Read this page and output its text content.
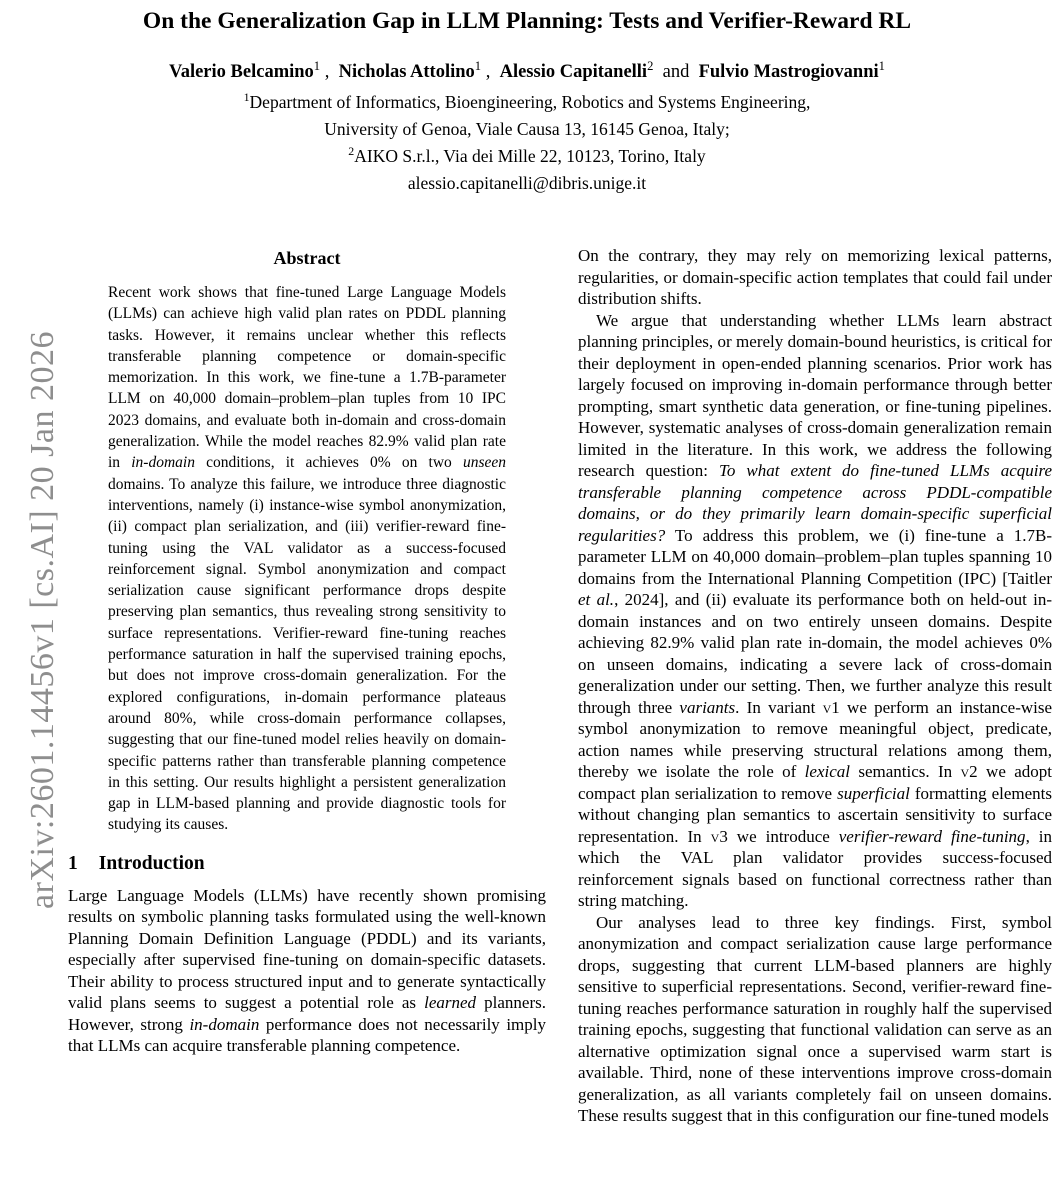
arXiv:2601.14456v1 [cs.AI] 20 Jan 2026
On the Generalization Gap in LLM Planning: Tests and Verifier-Reward RL
Valerio Belcamino$^1$ ,  Nicholas Attolino$^1$ ,  Alessio Capitanelli$^2$  and  Fulvio Mastrogiovanni$^1$
$^1$Department of Informatics, Bioengineering, Robotics and Systems Engineering,
University of Genoa, Viale Causa 13, 16145 Genoa, Italy;
$^2$AIKO S.r.l., Via dei Mille 22, 10123, Torino, Italy
alessio.capitanelli@dibris.unige.it
Abstract
Recent work shows that fine-tuned Large Language Models (LLMs) can achieve high valid plan rates on PDDL planning tasks. However, it remains unclear whether this reflects transferable planning competence or domain-specific memorization. In this work, we fine-tune a 1.7B-parameter LLM on 40,000 domain–problem–plan tuples from 10 IPC 2023 domains, and evaluate both in-domain and cross-domain generalization. While the model reaches 82.9% valid plan rate in in-domain conditions, it achieves 0% on two unseen domains. To analyze this failure, we introduce three diagnostic interventions, namely (i) instance-wise symbol anonymization, (ii) compact plan serialization, and (iii) verifier-reward fine-tuning using the VAL validator as a success-focused reinforcement signal. Symbol anonymization and compact serialization cause significant performance drops despite preserving plan semantics, thus revealing strong sensitivity to surface representations. Verifier-reward fine-tuning reaches performance saturation in half the supervised training epochs, but does not improve cross-domain generalization. For the explored configurations, in-domain performance plateaus around 80%, while cross-domain performance collapses, suggesting that our fine-tuned model relies heavily on domain-specific patterns rather than transferable planning competence in this setting. Our results highlight a persistent generalization gap in LLM-based planning and provide diagnostic tools for studying its causes.
1 Introduction

Large Language Models (LLMs) have recently shown promising results on symbolic planning tasks formulated using the well-known Planning Domain Definition Language (PDDL) and its variants, especially after supervised fine-tuning on domain-specific datasets. Their ability to process structured input and to generate syntactically valid plans seems to suggest a potential role as learned planners. However, strong in-domain performance does not necessarily imply that LLMs can acquire transferable planning competence.

On the contrary, they may rely on memorizing lexical patterns, regularities, or domain-specific action templates that could fail under distribution shifts.

We argue that understanding whether LLMs learn abstract planning principles, or merely domain-bound heuristics, is critical for their deployment in open-ended planning scenarios. Prior work has largely focused on improving in-domain performance through better prompting, smart synthetic data generation, or fine-tuning pipelines. However, systematic analyses of cross-domain generalization remain limited in the literature. In this work, we address the following research question: To what extent do fine-tuned LLMs acquire transferable planning competence across PDDL-compatible domains, or do they primarily learn domain-specific superficial regularities? To address this problem, we (i) fine-tune a 1.7B-parameter LLM on 40,000 domain–problem–plan tuples spanning 10 domains from the International Planning Competition (IPC) [Taitler et al., 2024], and (ii) evaluate its performance both on held-out in-domain instances and on two entirely unseen domains. Despite achieving 82.9% valid plan rate in-domain, the model achieves 0% on unseen domains, indicating a severe lack of cross-domain generalization under our setting. Then, we further analyze this result through three variants. In variant v1 we perform an instance-wise symbol anonymization to remove meaningful object, predicate, action names while preserving structural relations among them, thereby we isolate the role of lexical semantics. In v2 we adopt compact plan serialization to remove superficial formatting elements without changing plan semantics to ascertain sensitivity to surface representation. In v3 we introduce verifier-reward fine-tuning, in which the VAL plan validator provides success-focused reinforcement signals based on functional correctness rather than string matching.

Our analyses lead to three key findings. First, symbol anonymization and compact serialization cause large performance drops, suggesting that current LLM-based planners are highly sensitive to superficial representations. Second, verifier-reward fine-tuning reaches performance saturation in roughly half the supervised training epochs, suggesting that functional validation can serve as an alternative optimization signal once a supervised warm start is available. Third, none of these interventions improve cross-domain generalization, as all variants completely fail on unseen domains. These results suggest that in this configuration our fine-tuned models
